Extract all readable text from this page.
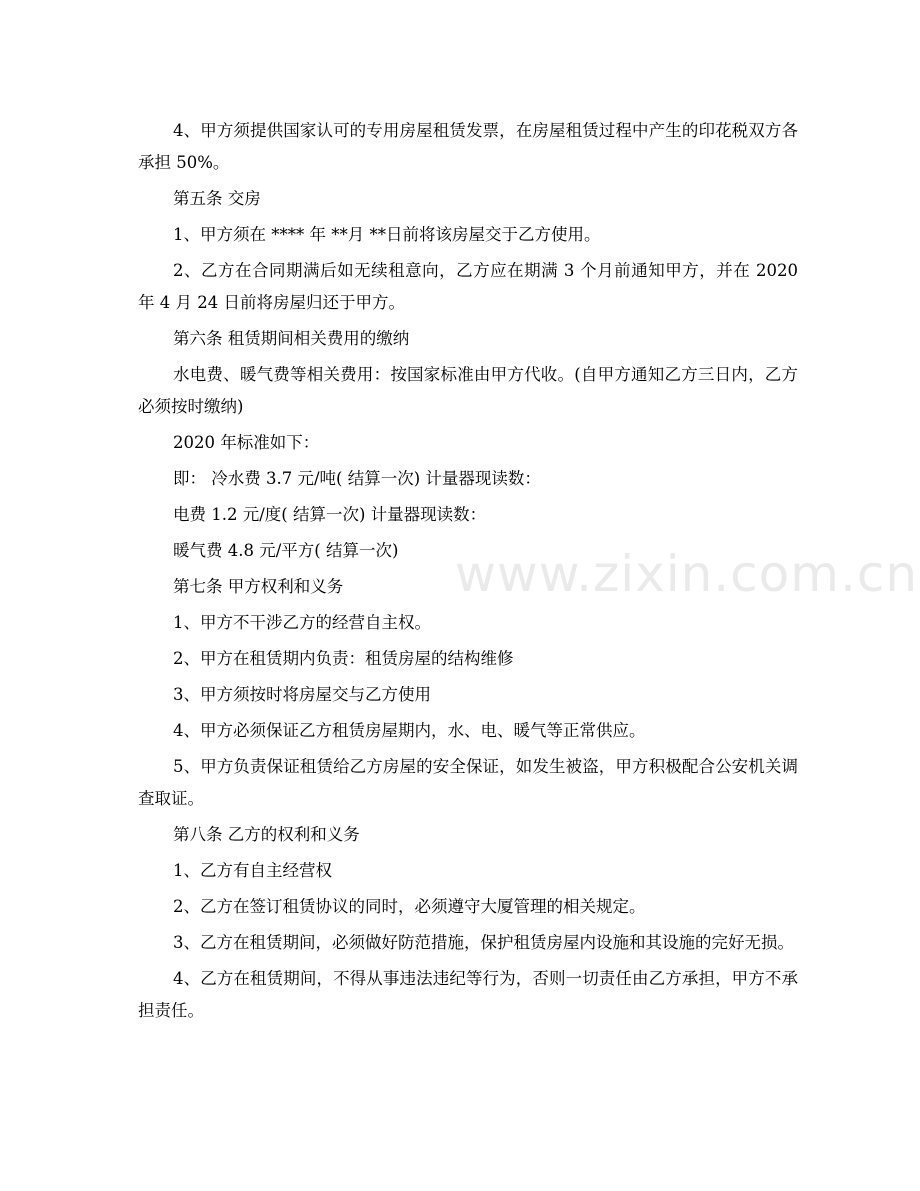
4、甲方须提供国家认可的专用房屋租赁发票，在房屋租赁过程中产生的印花税双方各承担 50%。

第五条 交房

1、甲方须在 **** 年 **月 **日前将该房屋交于乙方使用。

2、乙方在合同期满后如无续租意向，乙方应在期满 3 个月前通知甲方，并在 2020 年 4 月 24 日前将房屋归还于甲方。

第六条 租赁期间相关费用的缴纳

水电费、暖气费等相关费用：按国家标准由甲方代收。(自甲方通知乙方三日内，乙方必须按时缴纳)

2020 年标准如下：

即： 冷水费 3.7 元/吨( 结算一次) 计量器现读数：

电费 1.2 元/度( 结算一次) 计量器现读数：

暖气费 4.8 元/平方( 结算一次)

第七条 甲方权利和义务

1、甲方不干涉乙方的经营自主权。

2、甲方在租赁期内负责：租赁房屋的结构维修

3、甲方须按时将房屋交与乙方使用

4、甲方必须保证乙方租赁房屋期内，水、电、暖气等正常供应。

5、甲方负责保证租赁给乙方房屋的安全保证，如发生被盗，甲方积极配合公安机关调查取证。

第八条 乙方的权利和义务

1、乙方有自主经营权

2、乙方在签订租赁协议的同时，必须遵守大厦管理的相关规定。

3、乙方在租赁期间，必须做好防范措施，保护租赁房屋内设施和其设施的完好无损。

4、乙方在租赁期间，不得从事违法违纪等行为，否则一切责任由乙方承担，甲方不承担责任。

www.zixin.com.cn
